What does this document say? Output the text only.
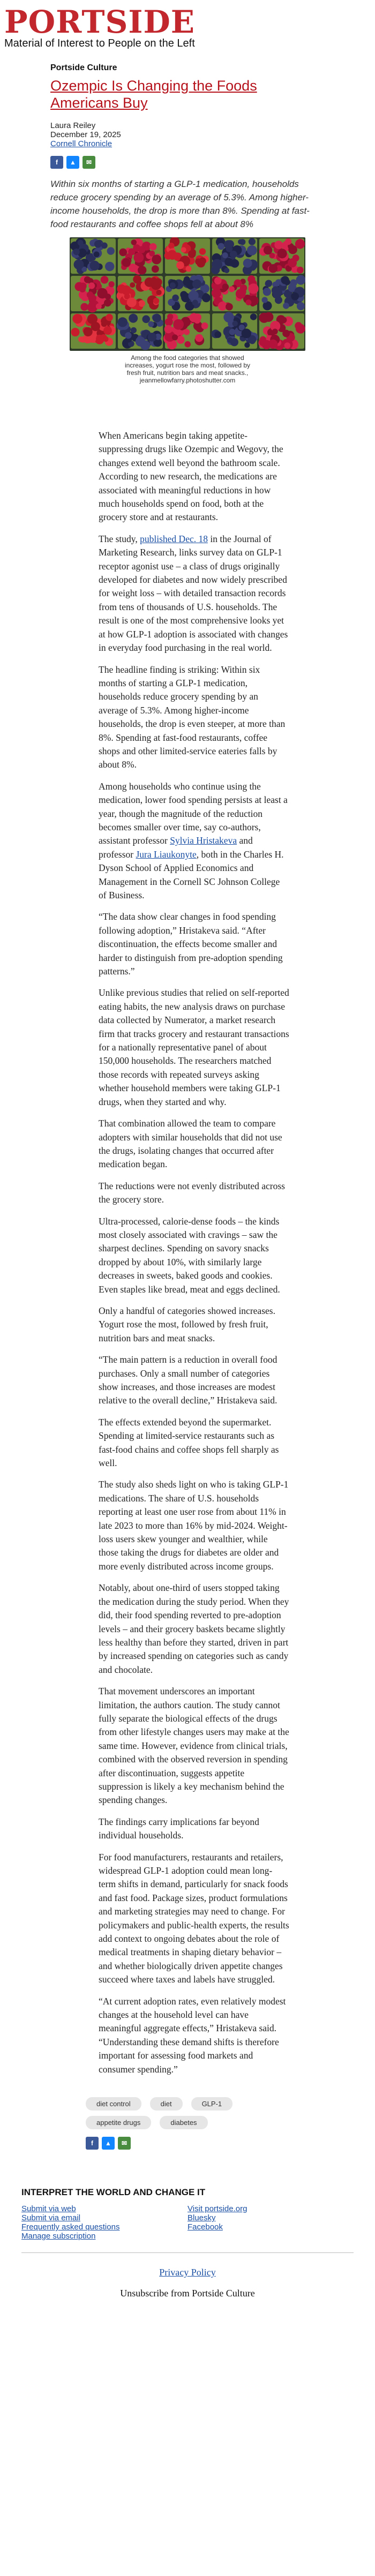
PORTSIDE
Material of Interest to People on the Left
Portside Culture
Ozempic Is Changing the Foods Americans Buy
Laura Reiley
December 19, 2025
Cornell Chronicle
f	▲	✉

Within six months of starting a GLP-1 medication, households reduce grocery spending by an average of 5.3%. Among higher-income households, the drop is more than 8%. Spending at fast-food restaurants and coffee shops fell at about 8%

Among the food categories that showed increases, yogurt rose the most, followed by fresh fruit, nutrition bars and meat snacks., jeanmellowfarry.photoshutter.com

When Americans begin taking appetite-suppressing drugs like Ozempic and Wegovy, the changes extend well beyond the bathroom scale. According to new research, the medications are associated with meaningful reductions in how much households spend on food, both at the grocery store and at restaurants.

The study, published Dec. 18 in the Journal of Marketing Research, links survey data on GLP-1 receptor agonist use – a class of drugs originally developed for diabetes and now widely prescribed for weight loss – with detailed transaction records from tens of thousands of U.S. households. The result is one of the most comprehensive looks yet at how GLP-1 adoption is associated with changes in everyday food purchasing in the real world.

The headline finding is striking: Within six months of starting a GLP-1 medication, households reduce grocery spending by an average of 5.3%. Among higher-income households, the drop is even steeper, at more than 8%. Spending at fast-food restaurants, coffee shops and other limited-service eateries falls by about 8%.

Among households who continue using the medication, lower food spending persists at least a year, though the magnitude of the reduction becomes smaller over time, say co-authors, assistant professor Sylvia Hristakeva and professor Jura Liaukonyte, both in the Charles H. Dyson School of Applied Economics and Management in the Cornell SC Johnson College of Business.

“The data show clear changes in food spending following adoption,” Hristakeva said. “After discontinuation, the effects become smaller and harder to distinguish from pre-adoption spending patterns.”

Unlike previous studies that relied on self-reported eating habits, the new analysis draws on purchase data collected by Numerator, a market research firm that tracks grocery and restaurant transactions for a nationally representative panel of about 150,000 households. The researchers matched those records with repeated surveys asking whether household members were taking GLP-1 drugs, when they started and why.

That combination allowed the team to compare adopters with similar households that did not use the drugs, isolating changes that occurred after medication began.

The reductions were not evenly distributed across the grocery store.

Ultra-processed, calorie-dense foods – the kinds most closely associated with cravings – saw the sharpest declines. Spending on savory snacks dropped by about 10%, with similarly large decreases in sweets, baked goods and cookies. Even staples like bread, meat and eggs declined.

Only a handful of categories showed increases. Yogurt rose the most, followed by fresh fruit, nutrition bars and meat snacks.

“The main pattern is a reduction in overall food purchases. Only a small number of categories show increases, and those increases are modest relative to the overall decline,” Hristakeva said.

The effects extended beyond the supermarket. Spending at limited-service restaurants such as fast-food chains and coffee shops fell sharply as well.

The study also sheds light on who is taking GLP-1 medications. The share of U.S. households reporting at least one user rose from about 11% in late 2023 to more than 16% by mid-2024. Weight-loss users skew younger and wealthier, while those taking the drugs for diabetes are older and more evenly distributed across income groups.

Notably, about one-third of users stopped taking the medication during the study period. When they did, their food spending reverted to pre-adoption levels – and their grocery baskets became slightly less healthy than before they started, driven in part by increased spending on categories such as candy and chocolate.

That movement underscores an important limitation, the authors caution. The study cannot fully separate the biological effects of the drugs from other lifestyle changes users may make at the same time. However, evidence from clinical trials, combined with the observed reversion in spending after discontinuation, suggests appetite suppression is likely a key mechanism behind the spending changes.

The findings carry implications far beyond individual households.

For food manufacturers, restaurants and retailers, widespread GLP-1 adoption could mean long-term shifts in demand, particularly for snack foods and fast food. Package sizes, product formulations and marketing strategies may need to change. For policymakers and public-health experts, the results add context to ongoing debates about the role of medical treatments in shaping dietary behavior – and whether biologically driven appetite changes succeed where taxes and labels have struggled.

“At current adoption rates, even relatively modest changes at the household level can have meaningful aggregate effects,” Hristakeva said. “Understanding these demand shifts is therefore important for assessing food markets and consumer spending.”

diet control	diet	GLP-1
appetite drugs	diabetes
f	▲	✉
INTERPRET THE WORLD AND CHANGE IT
Submit via web
Submit via email
Frequently asked questions
Manage subscription
Visit portside.org
Bluesky
Facebook
Privacy Policy
Unsubscribe from Portside Culture
